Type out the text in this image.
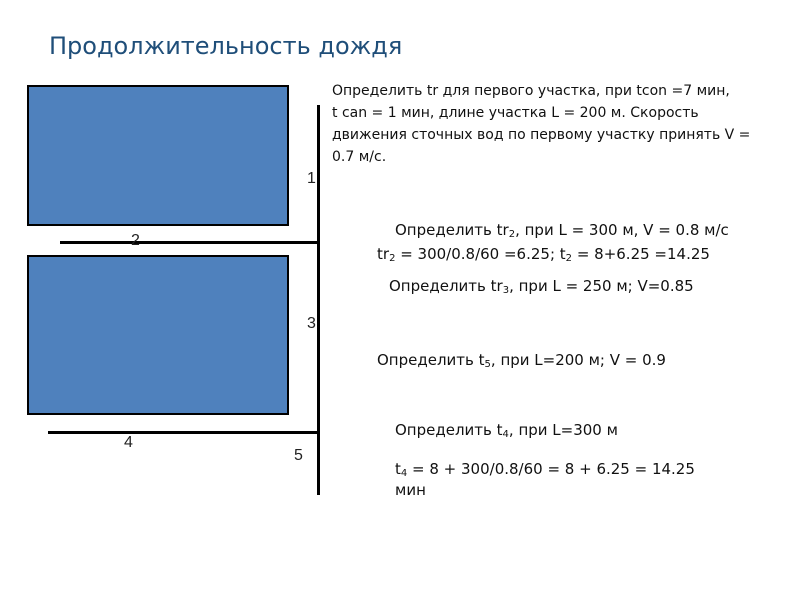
Продолжительность дождя
1
2
3
4
5
Определить tr для первого участка, при tcon =7 мин,
t can = 1 мин, длине участка L = 200 м. Скорость
движения сточных вод по первому участку принять V =
0.7 м/с.
Определить $tr_2$, при L = 300 м, V = 0.8 м/с
$tr_2 = 300/0.8/60 =6.25$; $t_2 = 8+6.25 =14.25$
Определить $tr_3$, при L = 250 м; V=0.85
Определить $t_5$, при L=200 м; V = 0.9
Определить $t_4$, при L=300 м
$t_4 = 8 + 300/0.8/60 = 8 + 6.25 = 14.25$
мин
